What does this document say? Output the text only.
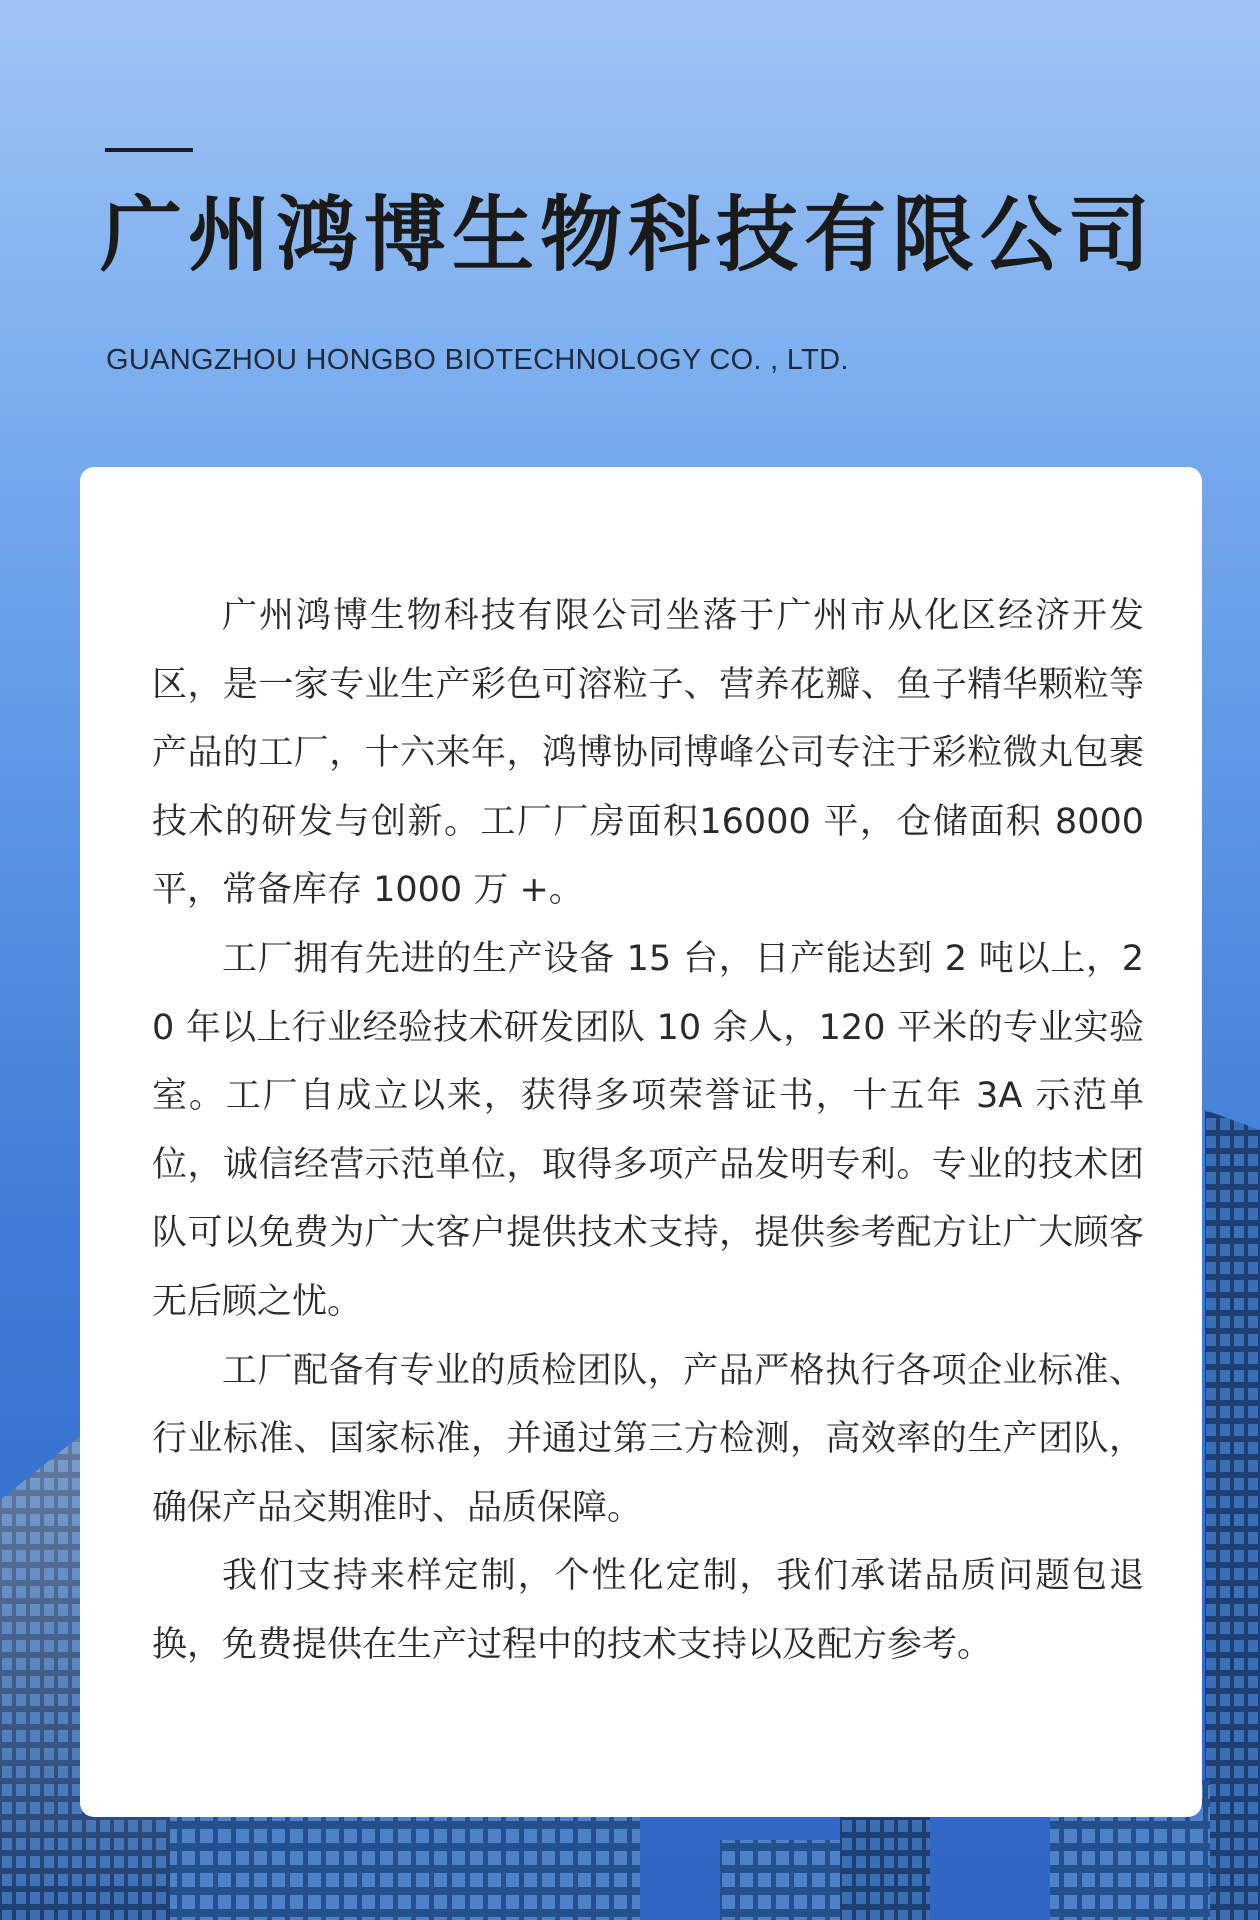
广州鸿博生物科技有限公司
GUANGZHOU HONGBO BIOTECHNOLOGY CO. , LTD.

广州鸿博生物科技有限公司坐落于广州市从化区经济开发区，是一家专业生产彩色可溶粒子、营养花瓣、鱼子精华颗粒等产品的工厂，十六来年，鸿博协同博峰公司专注于彩粒微丸包裹技术的研发与创新。工厂厂房面积16000 平，仓储面积 8000 平，常备库存 1000 万 +。

工厂拥有先进的生产设备 15 台，日产能达到 2 吨以上，20 年以上行业经验技术研发团队 10 余人，120 平米的专业实验室。工厂自成立以来，获得多项荣誉证书，十五年 3A 示范单位，诚信经营示范单位，取得多项产品发明专利。专业的技术团队可以免费为广大客户提供技术支持，提供参考配方让广大顾客无后顾之忧。

工厂配备有专业的质检团队，产品严格执行各项企业标准、行业标准、国家标准，并通过第三方检测，高效率的生产团队，确保产品交期准时、品质保障。

我们支持来样定制，个性化定制，我们承诺品质问题包退换，免费提供在生产过程中的技术支持以及配方参考。
